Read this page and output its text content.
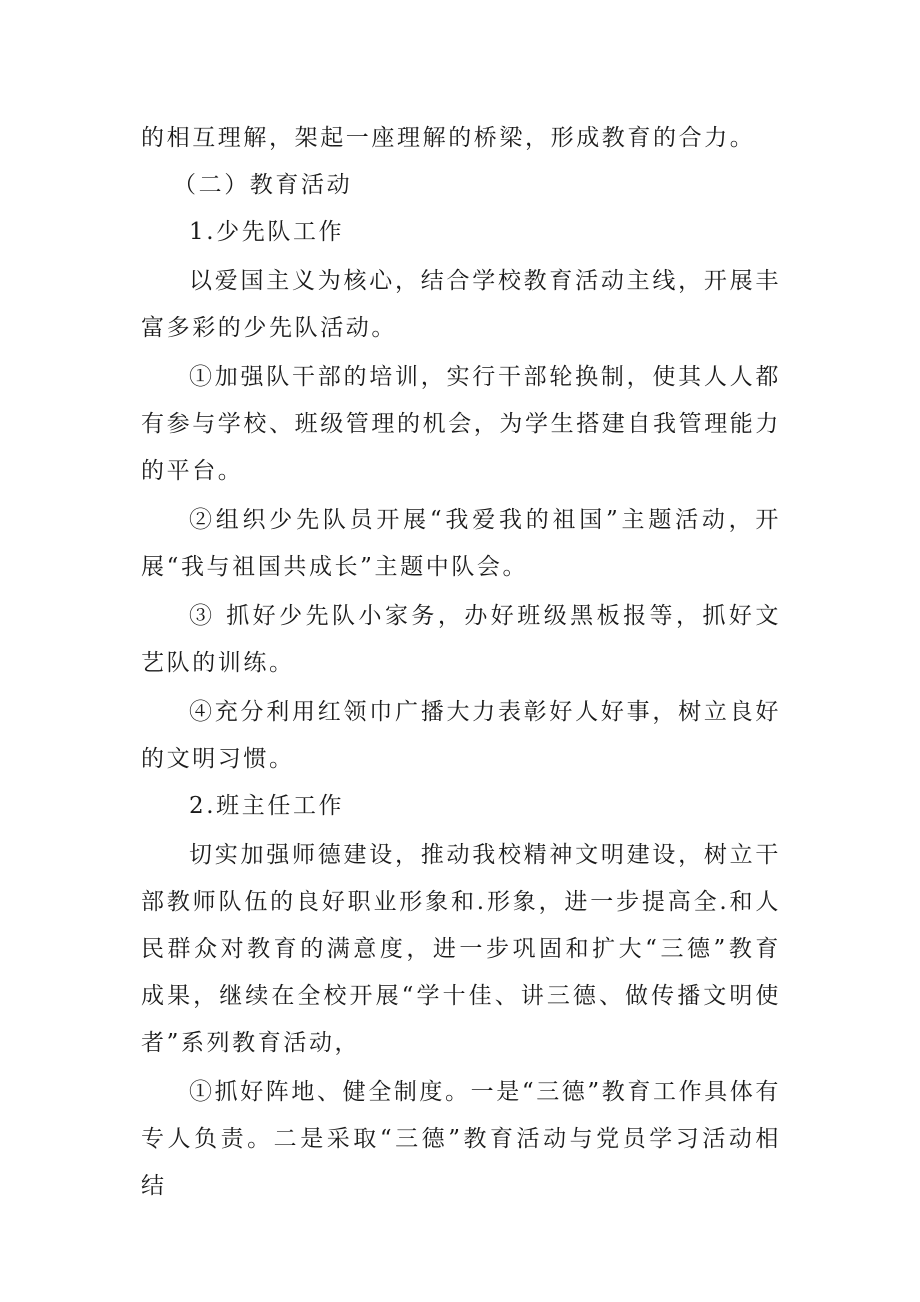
的相互理解，架起一座理解的桥梁，形成教育的合力。

（二）教育活动

1.少先队工作

以爱国主义为核心，结合学校教育活动主线，开展丰富多彩的少先队活动。

①加强队干部的培训，实行干部轮换制，使其人人都有参与学校、班级管理的机会，为学生搭建自我管理能力的平台。

②组织少先队员开展“我爱我的祖国”主题活动，开展“我与祖国共成长”主题中队会。

③ 抓好少先队小家务，办好班级黑板报等，抓好文艺队的训练。

④充分利用红领巾广播大力表彰好人好事，树立良好的文明习惯。

2.班主任工作

切实加强师德建设，推动我校精神文明建设，树立干部教师队伍的良好职业形象和.形象，进一步提高全.和人民群众对教育的满意度，进一步巩固和扩大“三德”教育成果，继续在全校开展“学十佳、讲三德、做传播文明使者”系列教育活动，

①抓好阵地、健全制度。一是“三德”教育工作具体有专人负责。二是采取“三德”教育活动与党员学习活动相结
